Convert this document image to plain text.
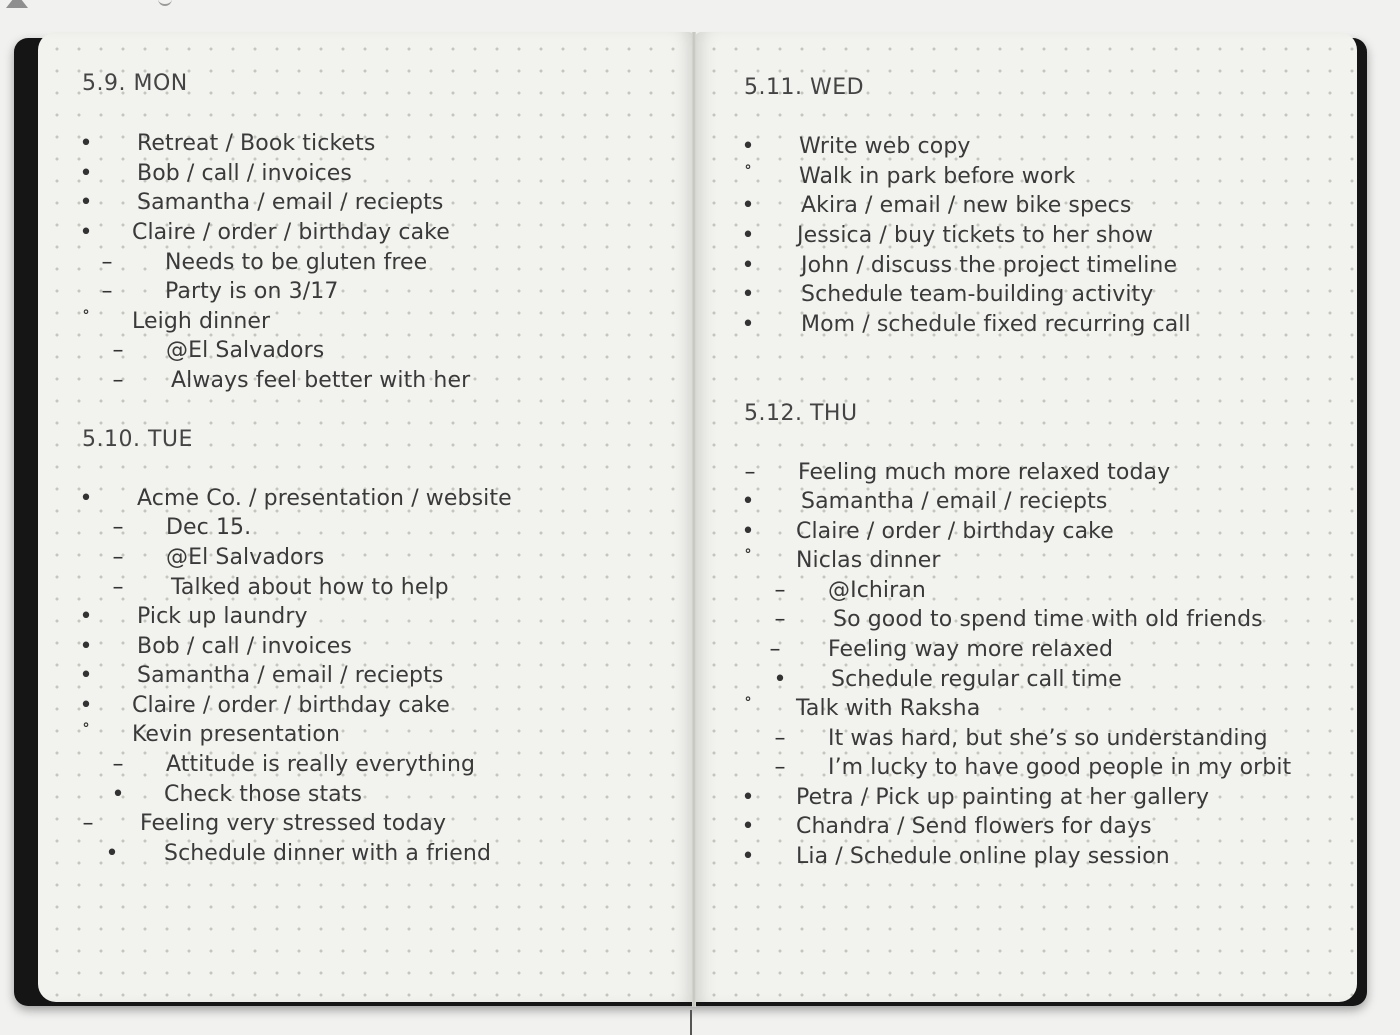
5.9. MON
• Retreat / Book tickets
• Bob / call / invoices
• Samantha / email / reciepts
• Claire / order / birthday cake
– Needs to be gluten free
– Party is on 3/17
° Leigh dinner
– @El Salvadors
– Always feel better with her
5.10. TUE
• Acme Co. / presentation / website
– Dec 15.
– @El Salvadors
– Talked about how to help
• Pick up laundry
• Bob / call / invoices
• Samantha / email / reciepts
• Claire / order / birthday cake
° Kevin presentation
– Attitude is really everything
• Check those stats
– Feeling very stressed today
• Schedule dinner with a friend
5.11. WED
• Write web copy
° Walk in park before work
• Akira / email / new bike specs
• Jessica / buy tickets to her show
• John / discuss the project timeline
• Schedule team-building activity
• Mom / schedule fixed recurring call
5.12. THU
– Feeling much more relaxed today
• Samantha / email / reciepts
• Claire / order / birthday cake
° Niclas dinner
– @Ichiran
– So good to spend time with old friends
– Feeling way more relaxed
• Schedule regular call time
° Talk with Raksha
– It was hard, but she’s so understanding
– I’m lucky to have good people in my orbit
• Petra / Pick up painting at her gallery
• Chandra / Send flowers for days
• Lia / Schedule online play session
